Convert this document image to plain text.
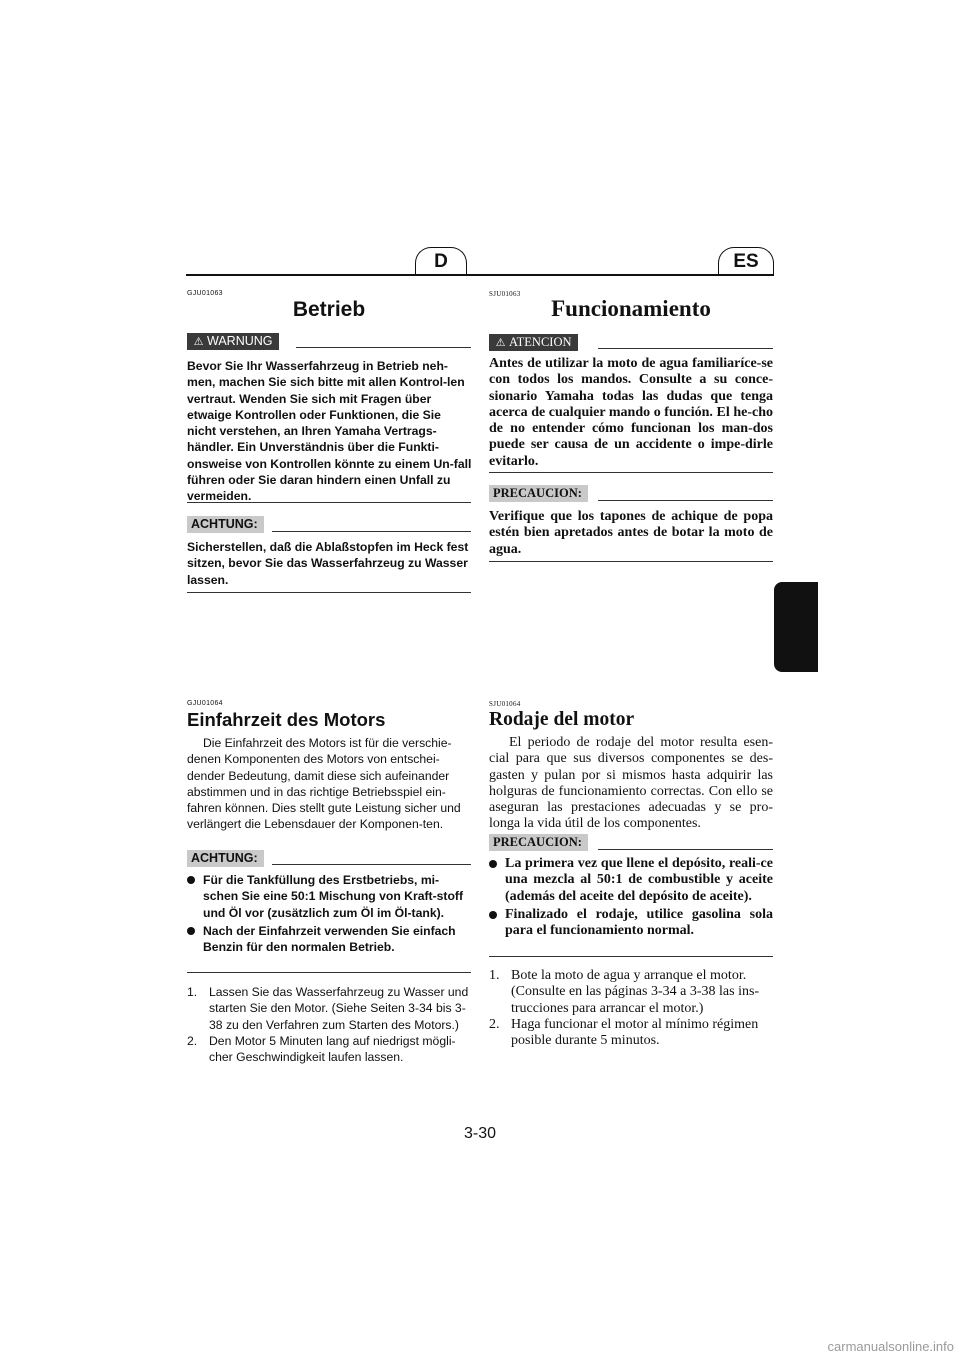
D	ES
GJU01063
Betrieb
⚠ WARNUNG
Bevor Sie Ihr Wasserfahrzeug in Betrieb neh-men, machen Sie sich bitte mit allen Kontrol-len vertraut. Wenden Sie sich mit Fragen über etwaige Kontrollen oder Funktionen, die Sie nicht verstehen, an Ihren Yamaha Vertrags-händler. Ein Unverständnis über die Funkti-onsweise von Kontrollen könnte zu einem Un-fall führen oder Sie daran hindern einen Unfall zu vermeiden.
ACHTUNG:
Sicherstellen, daß die Ablaßstopfen im Heck fest sitzen, bevor Sie das Wasserfahrzeug zu Wasser lassen.
GJU01064
Einfahrzeit des Motors
Die Einfahrzeit des Motors ist für die verschie-denen Komponenten des Motors von entschei-dender Bedeutung, damit diese sich aufeinander abstimmen und in das richtige Betriebsspiel ein-fahren können. Dies stellt gute Leistung sicher und verlängert die Lebensdauer der Komponen-ten.
ACHTUNG:
Für die Tankfüllung des Erstbetriebs, mi-schen Sie eine 50:1 Mischung von Kraft-stoff und Öl vor (zusätzlich zum Öl im Öl-tank).
Nach der Einfahrzeit verwenden Sie einfach Benzin für den normalen Betrieb.
1. Lassen Sie das Wasserfahrzeug zu Wasser und starten Sie den Motor. (Siehe Seiten 3-34 bis 3-38 zu den Verfahren zum Starten des Motors.)
2. Den Motor 5 Minuten lang auf niedrigst mögli-cher Geschwindigkeit laufen lassen.
SJU01063
Funcionamiento
⚠ ATENCION
Antes de utilizar la moto de agua familiaríce-se con todos los mandos. Consulte a su conce-sionario Yamaha todas las dudas que tenga acerca de cualquier mando o función. El he-cho de no entender cómo funcionan los man-dos puede ser causa de un accidente o impe-dirle evitarlo.
PRECAUCION:
Verifique que los tapones de achique de popa estén bien apretados antes de botar la moto de agua.
SJU01064
Rodaje del motor
El periodo de rodaje del motor resulta esen-cial para que sus diversos componentes se des-gasten y pulan por si mismos hasta adquirir las holguras de funcionamiento correctas. Con ello se aseguran las prestaciones adecuadas y se pro-longa la vida útil de los componentes.
PRECAUCION:
La primera vez que llene el depósito, reali-ce una mezcla al 50:1 de combustible y aceite (además del aceite del depósito de aceite).
Finalizado el rodaje, utilice gasolina sola para el funcionamiento normal.
1. Bote la moto de agua y arranque el motor. (Consulte en las páginas 3-34 a 3-38 las ins-trucciones para arrancar el motor.)
2. Haga funcionar el motor al mínimo régimen posible durante 5 minutos.
3-30
carmanualsonline.info
